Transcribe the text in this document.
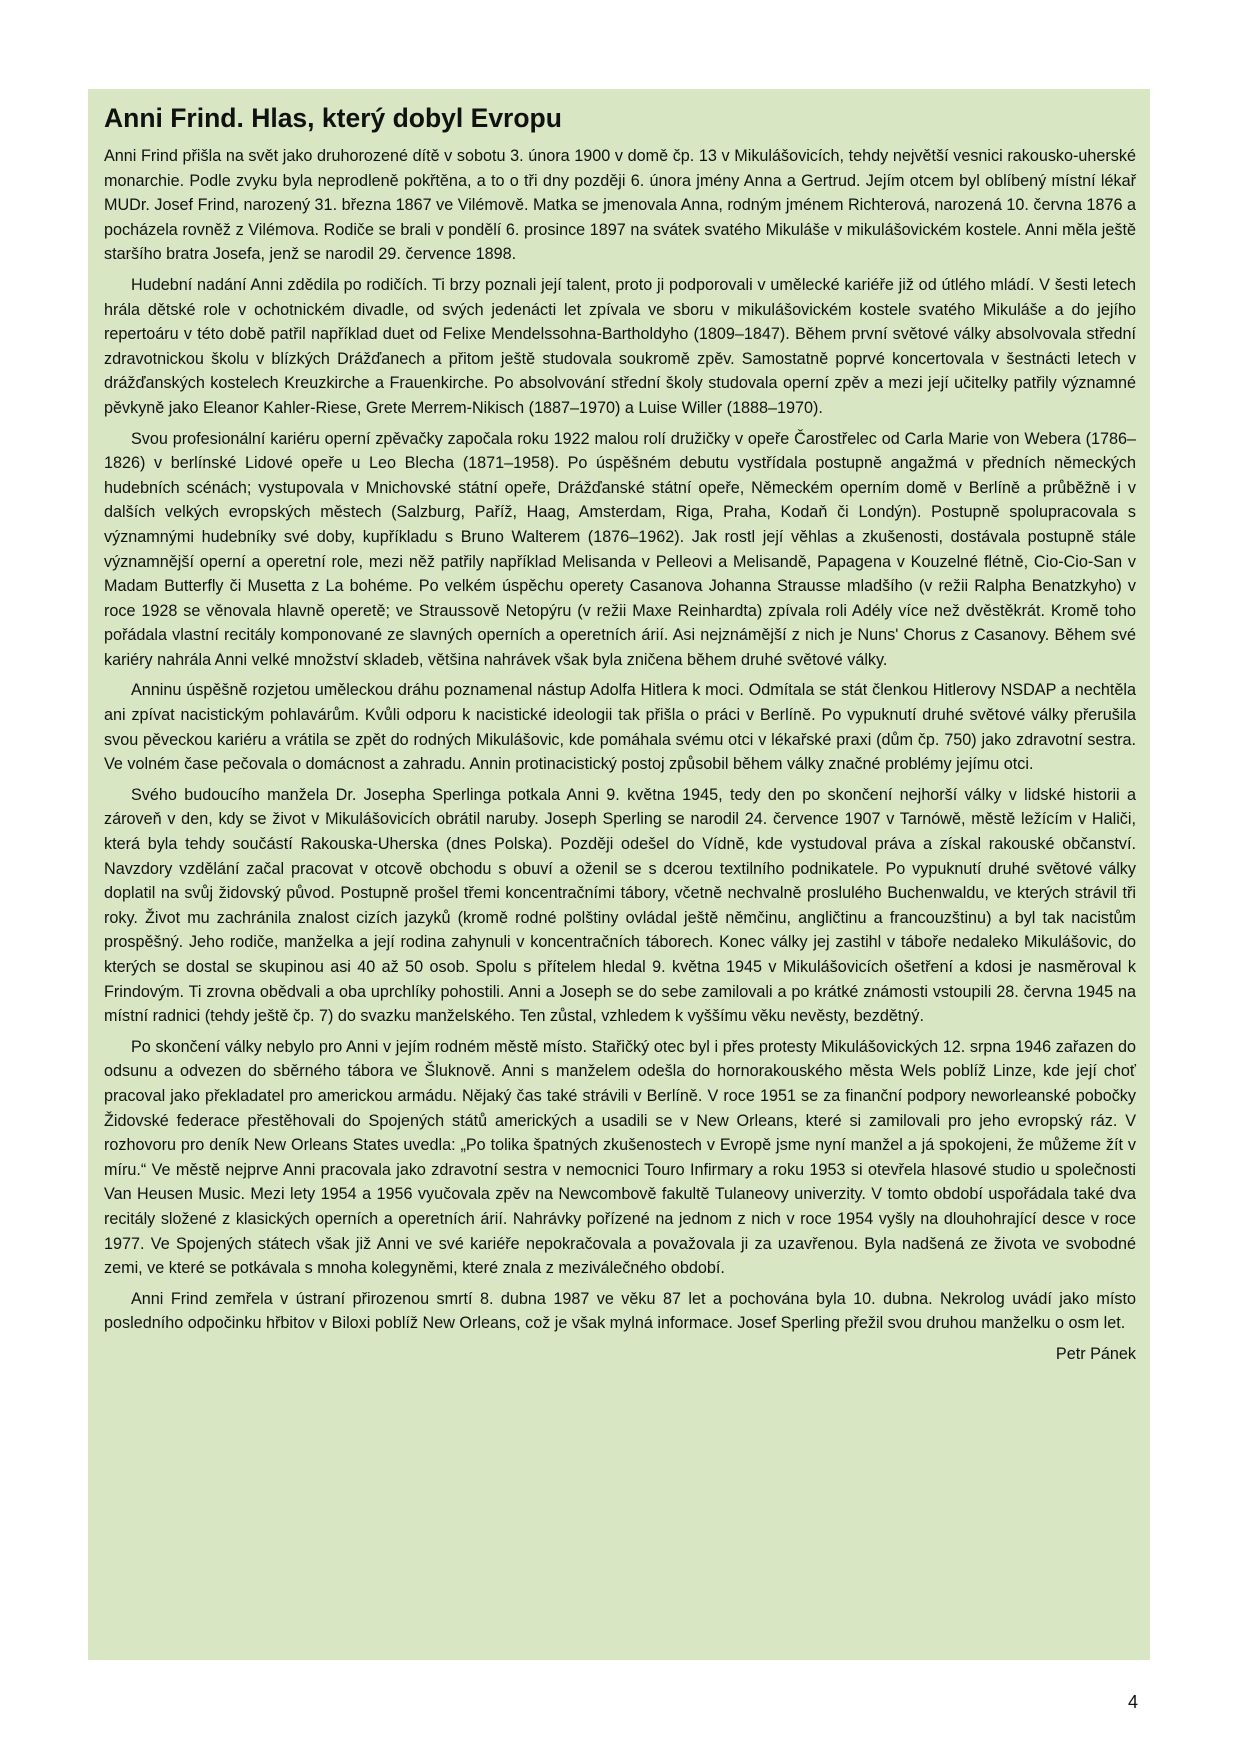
Anni Frind. Hlas, který dobyl Evropu

Anni Frind přišla na svět jako druhorozené dítě v sobotu 3. února 1900 v domě čp. 13 v Mikulášovicích, tehdy největší vesnici rakousko-uherské monarchie. Podle zvyku byla neprodleně pokřtěna, a to o tři dny později 6. února jmény Anna a Gertrud. Jejím otcem byl oblíbený místní lékař MUDr. Josef Frind, narozený 31. března 1867 ve Vilémově. Matka se jmenovala Anna, rodným jménem Richterová, narozená 10. června 1876 a pocházela rovněž z Vilémova. Rodiče se brali v pondělí 6. prosince 1897 na svátek svatého Mikuláše v mikulášovickém kostele. Anni měla ještě staršího bratra Josefa, jenž se narodil 29. července 1898.

Hudební nadání Anni zdědila po rodičích. Ti brzy poznali její talent, proto ji podporovali v umělecké kariéře již od útlého mládí. V šesti letech hrála dětské role v ochotnickém divadle, od svých jedenácti let zpívala ve sboru v mikulášovickém kostele svatého Mikuláše a do jejího repertoáru v této době patřil například duet od Felixe Mendelssohna-Bartholdyho (1809–1847). Během první světové války absolvovala střední zdravotnickou školu v blízkých Drážďanech a přitom ještě studovala soukromě zpěv. Samostatně poprvé koncertovala v šestnácti letech v drážďanských kostelech Kreuzkirche a Frauenkirche. Po absolvování střední školy studovala operní zpěv a mezi její učitelky patřily významné pěvkyně jako Eleanor Kahler-Riese, Grete Merrem-Nikisch (1887–1970) a Luise Willer (1888–1970).

Svou profesionální kariéru operní zpěvačky započala roku 1922 malou rolí družičky v opeře Čarostřelec od Carla Marie von Webera (1786–1826) v berlínské Lidové opeře u Leo Blecha (1871–1958). Po úspěšném debutu vystřídala postupně angažmá v předních německých hudebních scénách; vystupovala v Mnichovské státní opeře, Drážďanské státní opeře, Německém operním domě v Berlíně a průběžně i v dalších velkých evropských městech (Salzburg, Paříž, Haag, Amsterdam, Riga, Praha, Kodaň či Londýn). Postupně spolupracovala s významnými hudebníky své doby, kupříkladu s Bruno Walterem (1876–1962). Jak rostl její věhlas a zkušenosti, dostávala postupně stále významnější operní a operetní role, mezi něž patřily například Melisanda v Pelleovi a Melisandě, Papagena v Kouzelné flétně, Cio-Cio-San v Madam Butterfly či Musetta z La bohéme. Po velkém úspěchu operety Casanova Johanna Strausse mladšího (v režii Ralpha Benatzkyho) v roce 1928 se věnovala hlavně operetě; ve Straussově Netopýru (v režii Maxe Reinhardta) zpívala roli Adély více než dvěstěkrát. Kromě toho pořádala vlastní recitály komponované ze slavných operních a operetních árií. Asi nejznámější z nich je Nuns' Chorus z Casanovy. Během své kariéry nahrála Anni velké množství skladeb, většina nahrávek však byla zničena během druhé světové války.

Anninu úspěšně rozjetou uměleckou dráhu poznamenal nástup Adolfa Hitlera k moci. Odmítala se stát členkou Hitlerovy NSDAP a nechtěla ani zpívat nacistickým pohlavárům. Kvůli odporu k nacistické ideologii tak přišla o práci v Berlíně. Po vypuknutí druhé světové války přerušila svou pěveckou kariéru a vrátila se zpět do rodných Mikulášovic, kde pomáhala svému otci v lékařské praxi (dům čp. 750) jako zdravotní sestra. Ve volném čase pečovala o domácnost a zahradu. Annin protinacistický postoj způsobil během války značné problémy jejímu otci.

Svého budoucího manžela Dr. Josepha Sperlinga potkala Anni 9. května 1945, tedy den po skončení nejhorší války v lidské historii a zároveň v den, kdy se život v Mikulášovicích obrátil naruby. Joseph Sperling se narodil 24. července 1907 v Tarnówě, městě ležícím v Haliči, která byla tehdy součástí Rakouska-Uherska (dnes Polska). Později odešel do Vídně, kde vystudoval práva a získal rakouské občanství. Navzdory vzdělání začal pracovat v otcově obchodu s obuví a oženil se s dcerou textilního podnikatele. Po vypuknutí druhé světové války doplatil na svůj židovský původ. Postupně prošel třemi koncentračními tábory, včetně nechvalně proslulého Buchenwaldu, ve kterých strávil tři roky. Život mu zachránila znalost cizích jazyků (kromě rodné polštiny ovládal ještě němčinu, angličtinu a francouzštinu) a byl tak nacistům prospěšný. Jeho rodiče, manželka a její rodina zahynuli v koncentračních táborech. Konec války jej zastihl v táboře nedaleko Mikulášovic, do kterých se dostal se skupinou asi 40 až 50 osob. Spolu s přítelem hledal 9. května 1945 v Mikulášovicích ošetření a kdosi je nasměroval k Frindovým. Ti zrovna obědvali a oba uprchlíky pohostili. Anni a Joseph se do sebe zamilovali a po krátké známosti vstoupili 28. června 1945 na místní radnici (tehdy ještě čp. 7) do svazku manželského. Ten zůstal, vzhledem k vyššímu věku nevěsty, bezdětný.

Po skončení války nebylo pro Anni v jejím rodném městě místo. Stařičký otec byl i přes protesty Mikulášovických 12. srpna 1946 zařazen do odsunu a odvezen do sběrného tábora ve Šluknově. Anni s manželem odešla do hornorakouského města Wels poblíž Linze, kde její choť pracoval jako překladatel pro americkou armádu. Nějaký čas také strávili v Berlíně. V roce 1951 se za finanční podpory neworleanské pobočky Židovské federace přestěhovali do Spojených států amerických a usadili se v New Orleans, které si zamilovali pro jeho evropský ráz. V rozhovoru pro deník New Orleans States uvedla: „Po tolika špatných zkušenostech v Evropě jsme nyní manžel a já spokojeni, že můžeme žít v míru.“ Ve městě nejprve Anni pracovala jako zdravotní sestra v nemocnici Touro Infirmary a roku 1953 si otevřela hlasové studio u společnosti Van Heusen Music. Mezi lety 1954 a 1956 vyučovala zpěv na Newcombově fakultě Tulaneovy univerzity. V tomto období uspořádala také dva recitály složené z klasických operních a operetních árií. Nahrávky pořízené na jednom z nich v roce 1954 vyšly na dlouhohrající desce v roce 1977. Ve Spojených státech však již Anni ve své kariéře nepokračovala a považovala ji za uzavřenou. Byla nadšená ze života ve svobodné zemi, ve které se potkávala s mnoha kolegyněmi, které znala z meziválečného období.

Anni Frind zemřela v ústraní přirozenou smrtí 8. dubna 1987 ve věku 87 let a pochována byla 10. dubna. Nekrolog uvádí jako místo posledního odpočinku hřbitov v Biloxi poblíž New Orleans, což je však mylná informace. Josef Sperling přežil svou druhou manželku o osm let.

Petr Pánek

4
